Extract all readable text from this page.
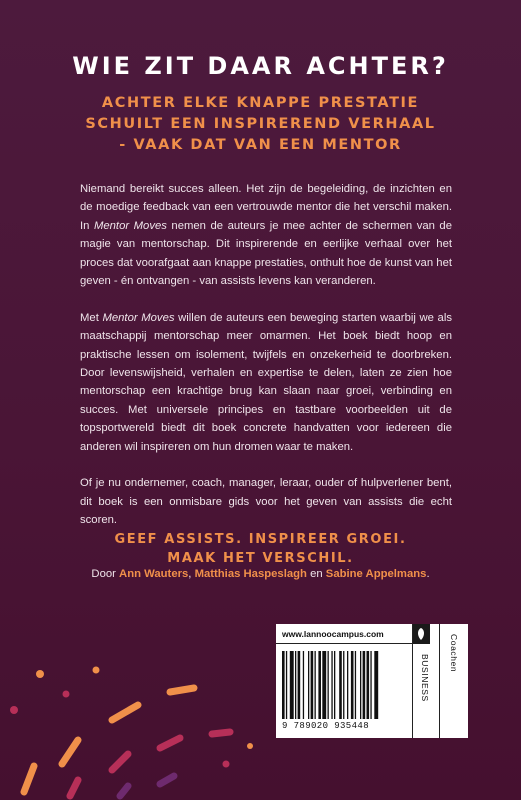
WIE ZIT DAAR ACHTER?
ACHTER ELKE KNAPPE PRESTATIE
SCHUILT EEN INSPIREREND VERHAAL
- VAAK DAT VAN EEN MENTOR

Niemand bereikt succes alleen. Het zijn de begeleiding, de inzichten en de moedige feedback van een vertrouwde mentor die het verschil maken. In Mentor Moves nemen de auteurs je mee achter de schermen van de magie van mentorschap. Dit inspirerende en eerlijke verhaal over het proces dat voorafgaat aan knappe prestaties, onthult hoe de kunst van het geven - én ontvangen - van assists levens kan veranderen.

Met Mentor Moves willen de auteurs een beweging starten waarbij we als maatschappij mentorschap meer omarmen. Het boek biedt hoop en praktische lessen om isolement, twijfels en onzekerheid te doorbreken. Door levenswijsheid, verhalen en expertise te delen, laten ze zien hoe mentorschap een krachtige brug kan slaan naar groei, verbinding en succes. Met universele principes en tastbare voorbeelden uit de topsportwereld biedt dit boek concrete handvatten voor iedereen die anderen wil inspireren om hun dromen waar te maken.

Of je nu ondernemer, coach, manager, leraar, ouder of hulpverlener bent, dit boek is een onmisbare gids voor het geven van assists die echt scoren.

GEEF ASSISTS. INSPIREER GROEI.
MAAK HET VERSCHIL.
Door Ann Wauters, Matthias Haspeslagh en Sabine Appelmans.
www.lannoocampus.com
9 789020 935448
BUSINESS
Coachen
